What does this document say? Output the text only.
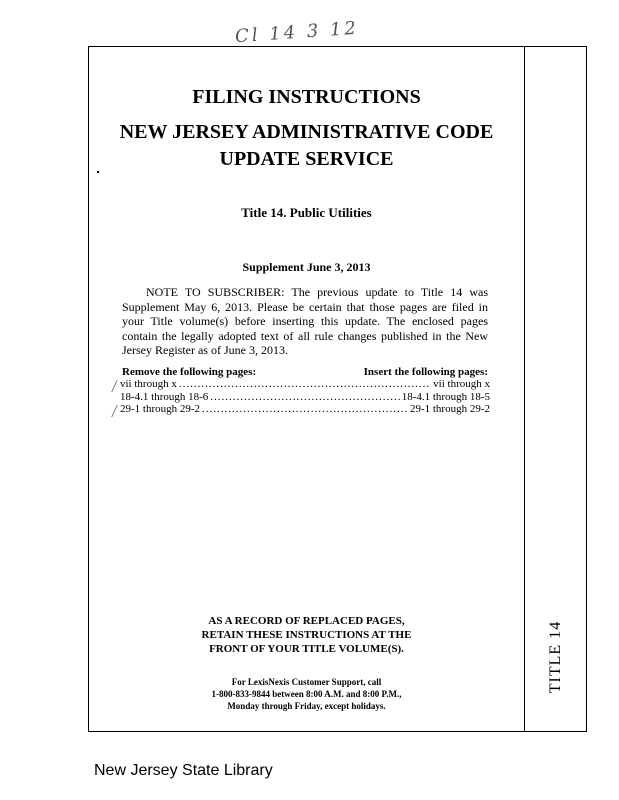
Cl 14 3 12
TITLE 14
FILING INSTRUCTIONS
NEW JERSEY ADMINISTRATIVE CODE
UPDATE SERVICE
Title 14. Public Utilities
Supplement June 3, 2013

NOTE TO SUBSCRIBER: The previous update to Title 14 was Supplement May 6, 2013. Please be certain that those pages are filed in your Title volume(s) before inserting this update. The enclosed pages contain the legally adopted text of all rule changes published in the New Jersey Register as of June 3, 2013.

Remove the following pages:	Insert the following pages:
vii through x .....	vii through x
18-4.1 through 18-6 .....	18-4.1 through 18-5
29-1 through 29-2 .....	29-1 through 29-2
AS A RECORD OF REPLACED PAGES,
RETAIN THESE INSTRUCTIONS AT THE
FRONT OF YOUR TITLE VOLUME(S).
For LexisNexis Customer Support, call
1-800-833-9844 between 8:00 A.M. and 8:00 P.M.,
Monday through Friday, except holidays.
New Jersey State Library
